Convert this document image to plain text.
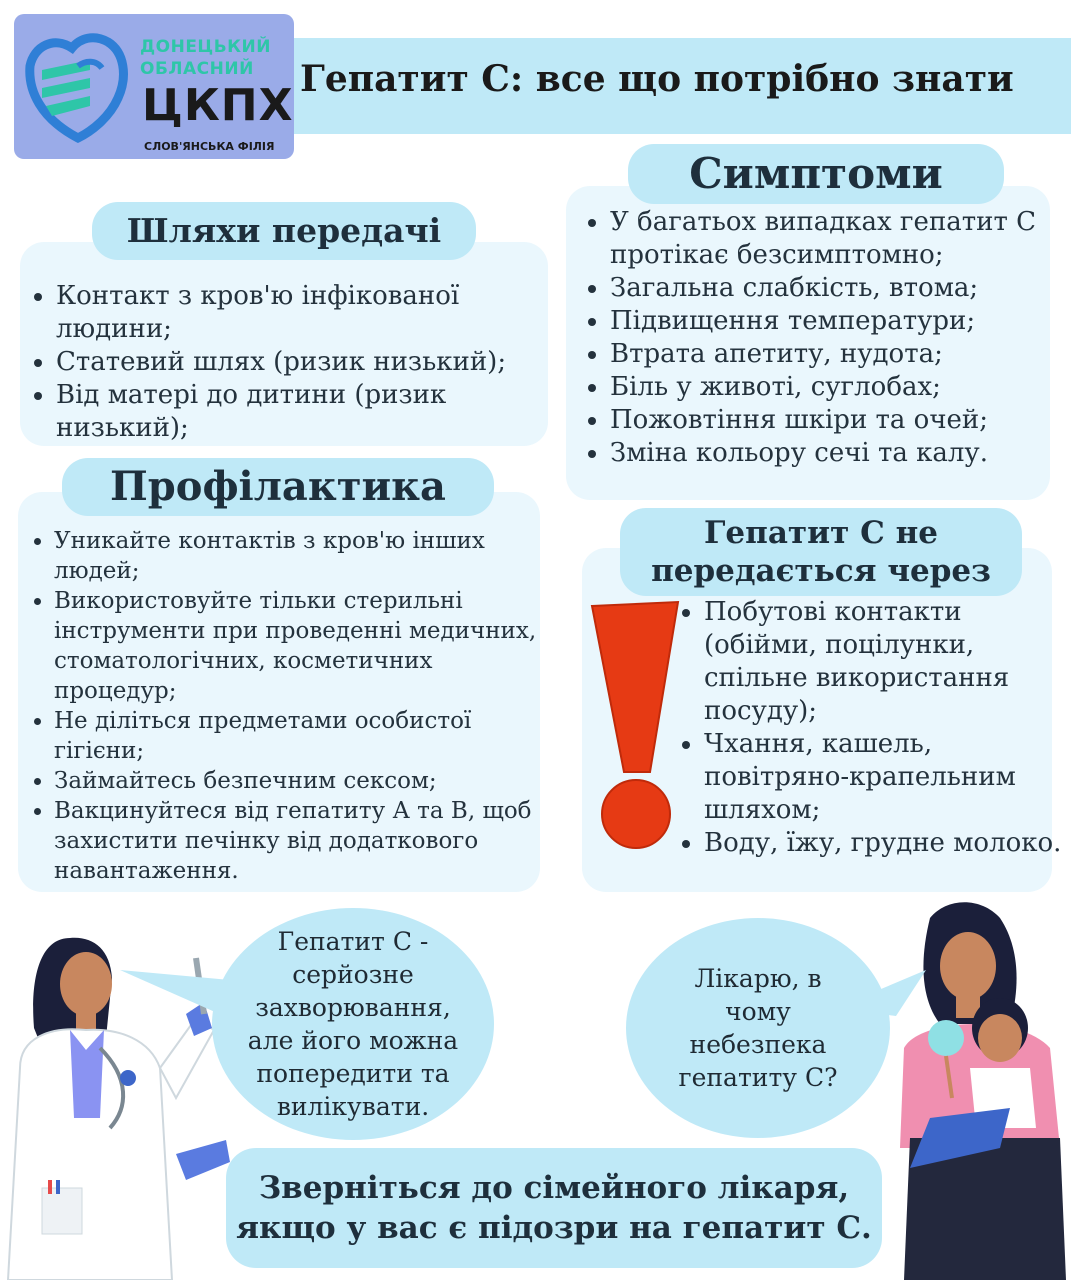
ДОНЕЦЬКИЙ
ОБЛАСНИЙ
ЦКПХ
СЛОВ'ЯНСЬКА ФІЛІЯ
Гепатит С: все що потрібно знати
• Контакт з кров'ю інфікованої людини;
• Статевий шлях (ризик низький);
• Від матері до дитини (ризик низький);
Шляхи передачі
•	У багатьох випадках гепатит С протікає безсимптомно;
• Загальна слабкість, втома;
• Підвищення температури;
• Втрата апетиту, нудота;
• Біль у животі, суглобах;
• Пожовтіння шкіри та очей;
• Зміна кольору сечі та калу.
Симптоми
• Уникайте контактів з кров'ю інших людей;
• Використовуйте тільки стерильні інструменти при проведенні медичних, стоматологічних, косметичних процедур;
• Не діліться предметами особистої гігієни;
• Займайтесь безпечним сексом;
• Вакцинуйтеся від гепатиту А та В, щоб захистити печінку від додаткового навантаження.
Профілактика
• Побутові контакти (обійми, поцілунки, спільне використання посуду);
• Чхання, кашель, повітряно-крапельним шляхом;
• Воду, їжу, грудне молоко.
Гепатит С не
передається через
Гепатит С - серйозне захворювання, але його можна попередити та вилікувати.
Лікарю, в чому небезпека гепатиту С?
Зверніться до сімейного лікаря,
якщо у вас є підозри на гепатит С.
